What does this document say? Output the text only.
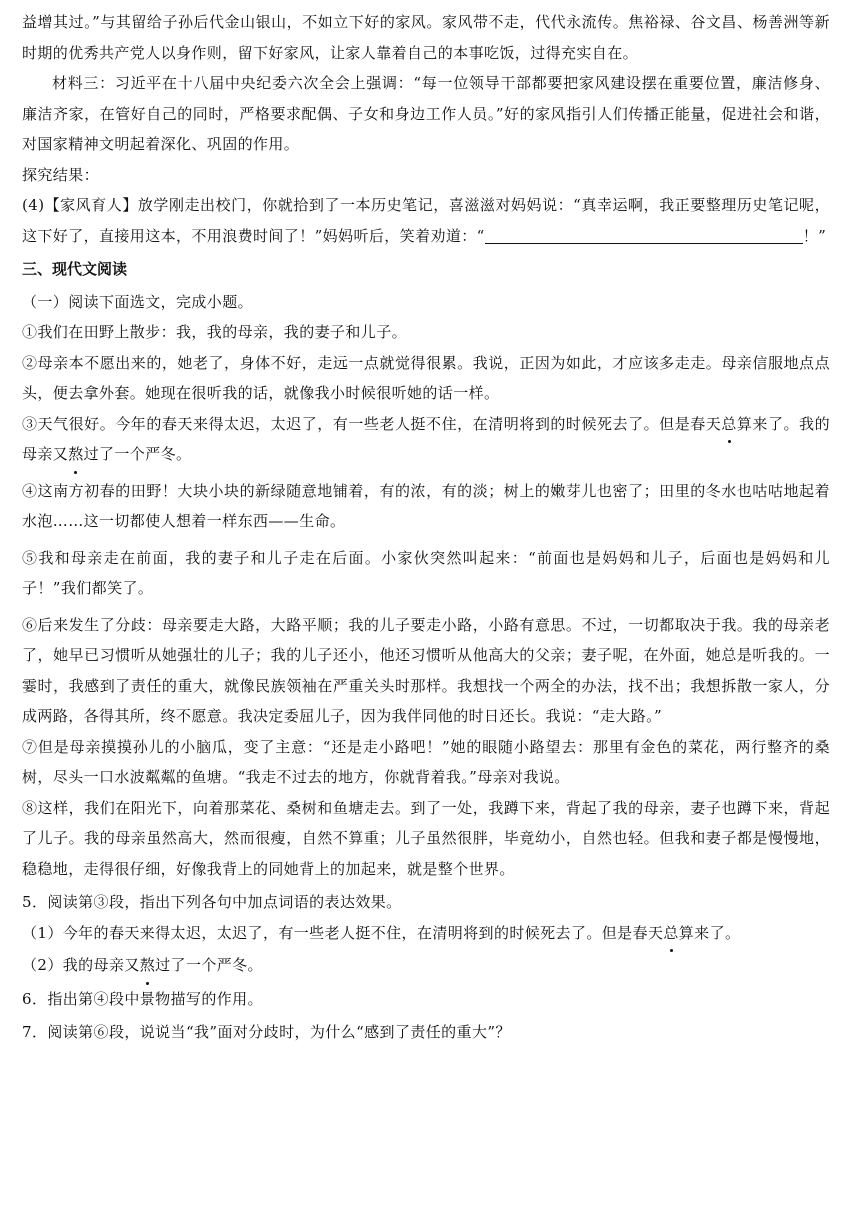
益增其过。”与其留给子孙后代金山银山，不如立下好的家风。家风带不走，代代永流传。焦裕禄、谷文昌、杨善洲等新时期的优秀共产党人以身作则，留下好家风，让家人靠着自己的本事吃饭，过得充实自在。

材料三：习近平在十八届中央纪委六次全会上强调：“每一位领导干部都要把家风建设摆在重要位置，廉洁修身、廉洁齐家，在管好自己的同时，严格要求配偶、子女和身边工作人员。”好的家风指引人们传播正能量，促进社会和谐，对国家精神文明起着深化、巩固的作用。

探究结果：

(4)【家风育人】放学刚走出校门，你就拾到了一本历史笔记，喜滋滋对妈妈说：“真幸运啊，我正要整理历史笔记呢，这下好了，直接用这本，不用浪费时间了！”妈妈听后，笑着劝道：“	！”

三、现代文阅读

（一）阅读下面选文，完成小题。

①我们在田野上散步：我，我的母亲，我的妻子和儿子。

②母亲本不愿出来的，她老了，身体不好，走远一点就觉得很累。我说，正因为如此，才应该多走走。母亲信服地点点头，便去拿外套。她现在很听我的话，就像我小时候很听她的话一样。

③天气很好。今年的春天来得太迟，太迟了，有一些老人挺不住，在清明将到的时候死去了。但是春天总算来了。我的母亲又熬过了一个严冬。

④这南方初春的田野！大块小块的新绿随意地铺着，有的浓，有的淡；树上的嫩芽儿也密了；田里的冬水也咕咕地起着水泡……这一切都使人想着一样东西——生命。

⑤我和母亲走在前面，我的妻子和儿子走在后面。小家伙突然叫起来：“前面也是妈妈和儿子，后面也是妈妈和儿子！”我们都笑了。

⑥后来发生了分歧：母亲要走大路，大路平顺；我的儿子要走小路，小路有意思。不过，一切都取决于我。我的母亲老了，她早已习惯听从她强壮的儿子；我的儿子还小，他还习惯听从他高大的父亲；妻子呢，在外面，她总是听我的。一霎时，我感到了责任的重大，就像民族领袖在严重关头时那样。我想找一个两全的办法，找不出；我想拆散一家人，分成两路，各得其所，终不愿意。我决定委屈儿子，因为我伴同他的时日还长。我说：“走大路。”

⑦但是母亲摸摸孙儿的小脑瓜，变了主意：“还是走小路吧！”她的眼随小路望去：那里有金色的菜花，两行整齐的桑树，尽头一口水波粼粼的鱼塘。“我走不过去的地方，你就背着我。”母亲对我说。

⑧这样，我们在阳光下，向着那菜花、桑树和鱼塘走去。到了一处，我蹲下来，背起了我的母亲，妻子也蹲下来，背起了儿子。我的母亲虽然高大，然而很瘦，自然不算重；儿子虽然很胖，毕竟幼小，自然也轻。但我和妻子都是慢慢地，稳稳地，走得很仔细，好像我背上的同她背上的加起来，就是整个世界。

5．阅读第③段，指出下列各句中加点词语的表达效果。

（1）今年的春天来得太迟，太迟了，有一些老人挺不住，在清明将到的时候死去了。但是春天总算来了。

（2）我的母亲又熬过了一个严冬。

6．指出第④段中景物描写的作用。

7．阅读第⑥段，说说当“我”面对分歧时，为什么“感到了责任的重大”？
